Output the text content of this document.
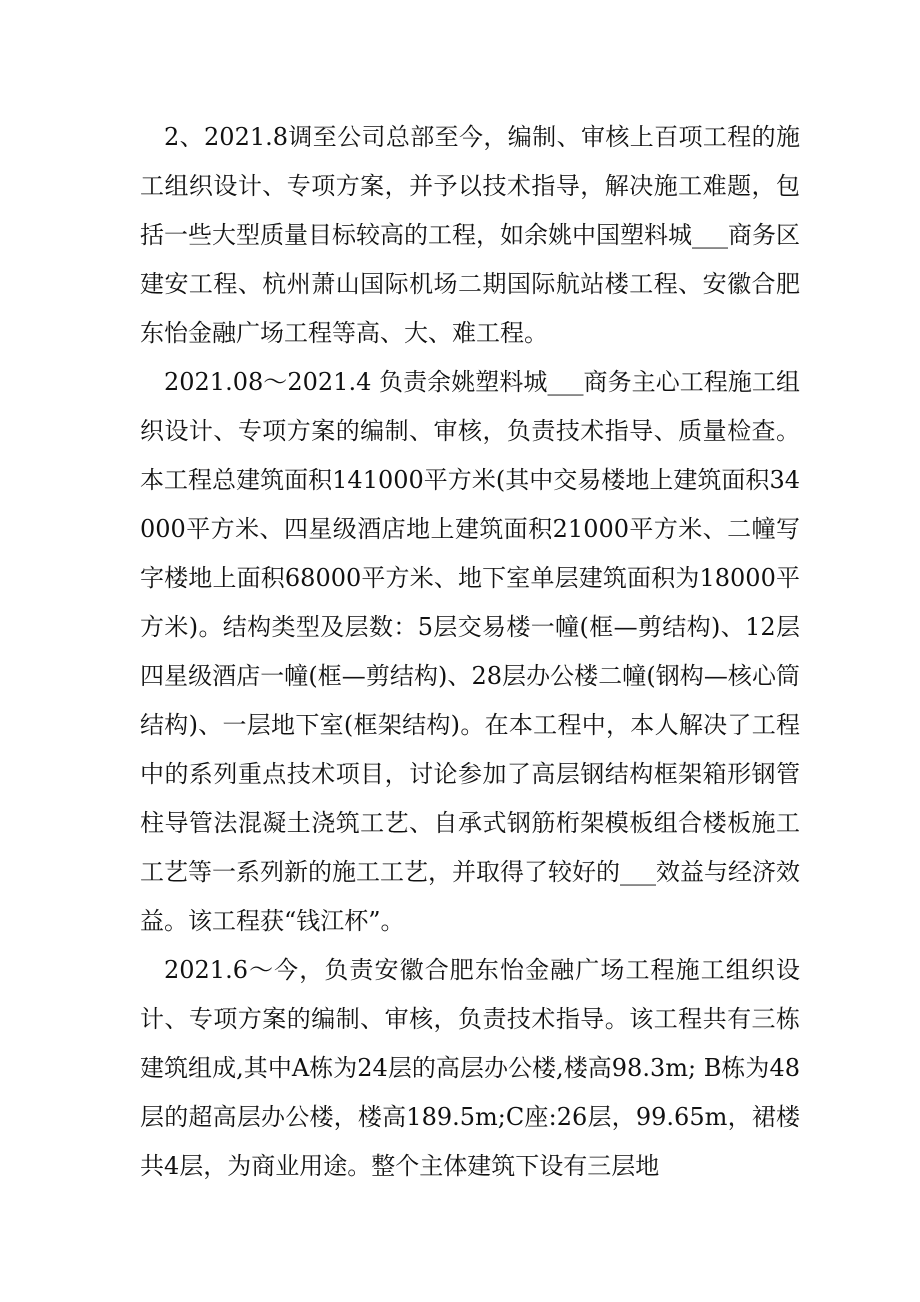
2、2021.8调至公司总部至今，编制、审核上百项工程的施工组织设计、专项方案，并予以技术指导，解决施工难题，包括一些大型质量目标较高的工程，如余姚中国塑料城___商务区建安工程、杭州萧山国际机场二期国际航站楼工程、安徽合肥东怡金融广场工程等高、大、难工程。

2021.08～2021.4 负责余姚塑料城___商务主心工程施工组织设计、专项方案的编制、审核，负责技术指导、质量检查。本工程总建筑面积141000平方米(其中交易楼地上建筑面积34000平方米、四星级酒店地上建筑面积21000平方米、二幢写字楼地上面积68000平方米、地下室单层建筑面积为18000平方米)。结构类型及层数：5层交易楼一幢(框—剪结构)、12层四星级酒店一幢(框—剪结构)、28层办公楼二幢(钢构—核心筒结构)、一层地下室(框架结构)。在本工程中，本人解决了工程中的系列重点技术项目，讨论参加了高层钢结构框架箱形钢管柱导管法混凝土浇筑工艺、自承式钢筋桁架模板组合楼板施工工艺等一系列新的施工工艺，并取得了较好的___效益与经济效益。该工程获“钱江杯”。

2021.6～今，负责安徽合肥东怡金融广场工程施工组织设计、专项方案的编制、审核，负责技术指导。该工程共有三栋建筑组成,其中A栋为24层的高层办公楼,楼高98.3m; B栋为48层的超高层办公楼，楼高189.5m;C座:26层，99.65m，裙楼共4层，为商业用途。整个主体建筑下设有三层地
